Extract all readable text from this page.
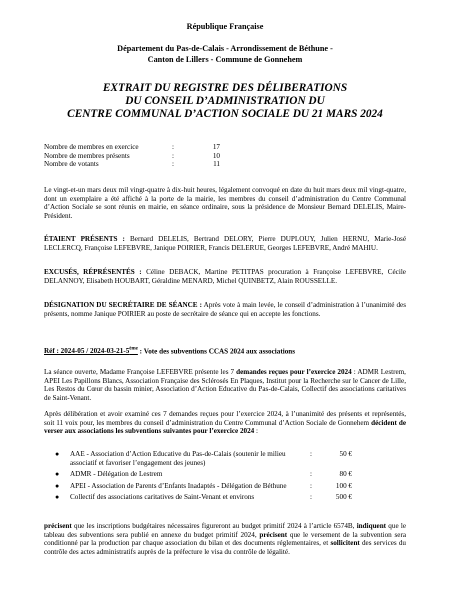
République Française
Département du Pas-de-Calais - Arrondissement de Béthune -
Canton de Lillers - Commune de Gonnehem
EXTRAIT DU REGISTRE DES DÉLIBERATIONS
DU CONSEIL D’ADMINISTRATION DU
CENTRE COMMUNAL D’ACTION SOCIALE DU 21 MARS 2024
Nombre de membres en exercice	:	17
Nombre de membres présents	:	10
Nombre de votants	:	11
Le vingt-et-un mars deux mil vingt-quatre à dix-huit heures, légalement convoqué en date du huit mars deux mil vingt-quatre, dont un exemplaire a été affiché à la porte de la mairie, les membres du conseil d’administration du Centre Communal d’Action Sociale se sont réunis en mairie, en séance ordinaire, sous la présidence de Monsieur Bernard DELELIS, Maire-Président.
ÉTAIENT PRÉSENTS : Bernard DELELIS, Bertrand DELORY, Pierre DUPLOUY, Julien HERNU, Marie-José LECLERCQ, Françoise LEFEBVRE, Janique POIRIER, Francis DELERUE, Georges LEFEBVRE, André MAHIU.
EXCUSÉS, RÉPRÉSENTÉS : Céline DEBACK, Martine PETITPAS procuration à Françoise LEFEBVRE, Cécile DELANNOY, Elisabeth HOUBART, Géraldine MENARD, Michel QUINBETZ, Alain ROUSSELLE.
DÉSIGNATION DU SECRÉTAIRE DE SÉANCE : Après vote à main levée, le conseil d’administration à l’unanimité des présents, nomme Janique POIRIER au poste de secrétaire de séance qui en accepte les fonctions.
Réf : 2024-05 / 2024-03-21-5ème : Vote des subventions CCAS 2024 aux associations
La séance ouverte, Madame Françoise LEFEBVRE présente les 7 demandes reçues pour l’exercice 2024 : ADMR Lestrem, APEI Les Papillons Blancs, Association Française des Sclérosés En Plaques, Institut pour la Recherche sur le Cancer de Lille, Les Restos du Cœur du bassin minier, Association d’Action Educative du Pas-de-Calais, Collectif des associations caritatives de Saint-Venant.
Après délibération et avoir examiné ces 7 demandes reçues pour l’exercice 2024, à l’unanimité des présents et représentés, soit 11 voix pour, les membres du conseil d’administration du Centre Communal d’Action Sociale de Gonnehem décident de verser aux associations les subventions suivantes pour l’exercice 2024 :
● AAE - Association d’Action Educative du Pas-de-Calais (soutenir le milieu associatif et favoriser l’engagement des jeunes)
:	50 €
● ADMR - Délégation de Lestrem	:	80 €
● APEI - Association de Parents d’Enfants Inadaptés - Délégation de Béthune	:	100 €
● Collectif des associations caritatives de Saint-Venant et environs	:	500 €
précisent que les inscriptions budgétaires nécessaires figureront au budget primitif 2024 à l’article 6574B, indiquent que le tableau des subventions sera publié en annexe du budget primitif 2024, précisent que le versement de la subvention sera conditionné par la production par chaque association du bilan et des documents réglementaires, et sollicitent des services du contrôle des actes administratifs auprès de la préfecture le visa du contrôle de légalité.
